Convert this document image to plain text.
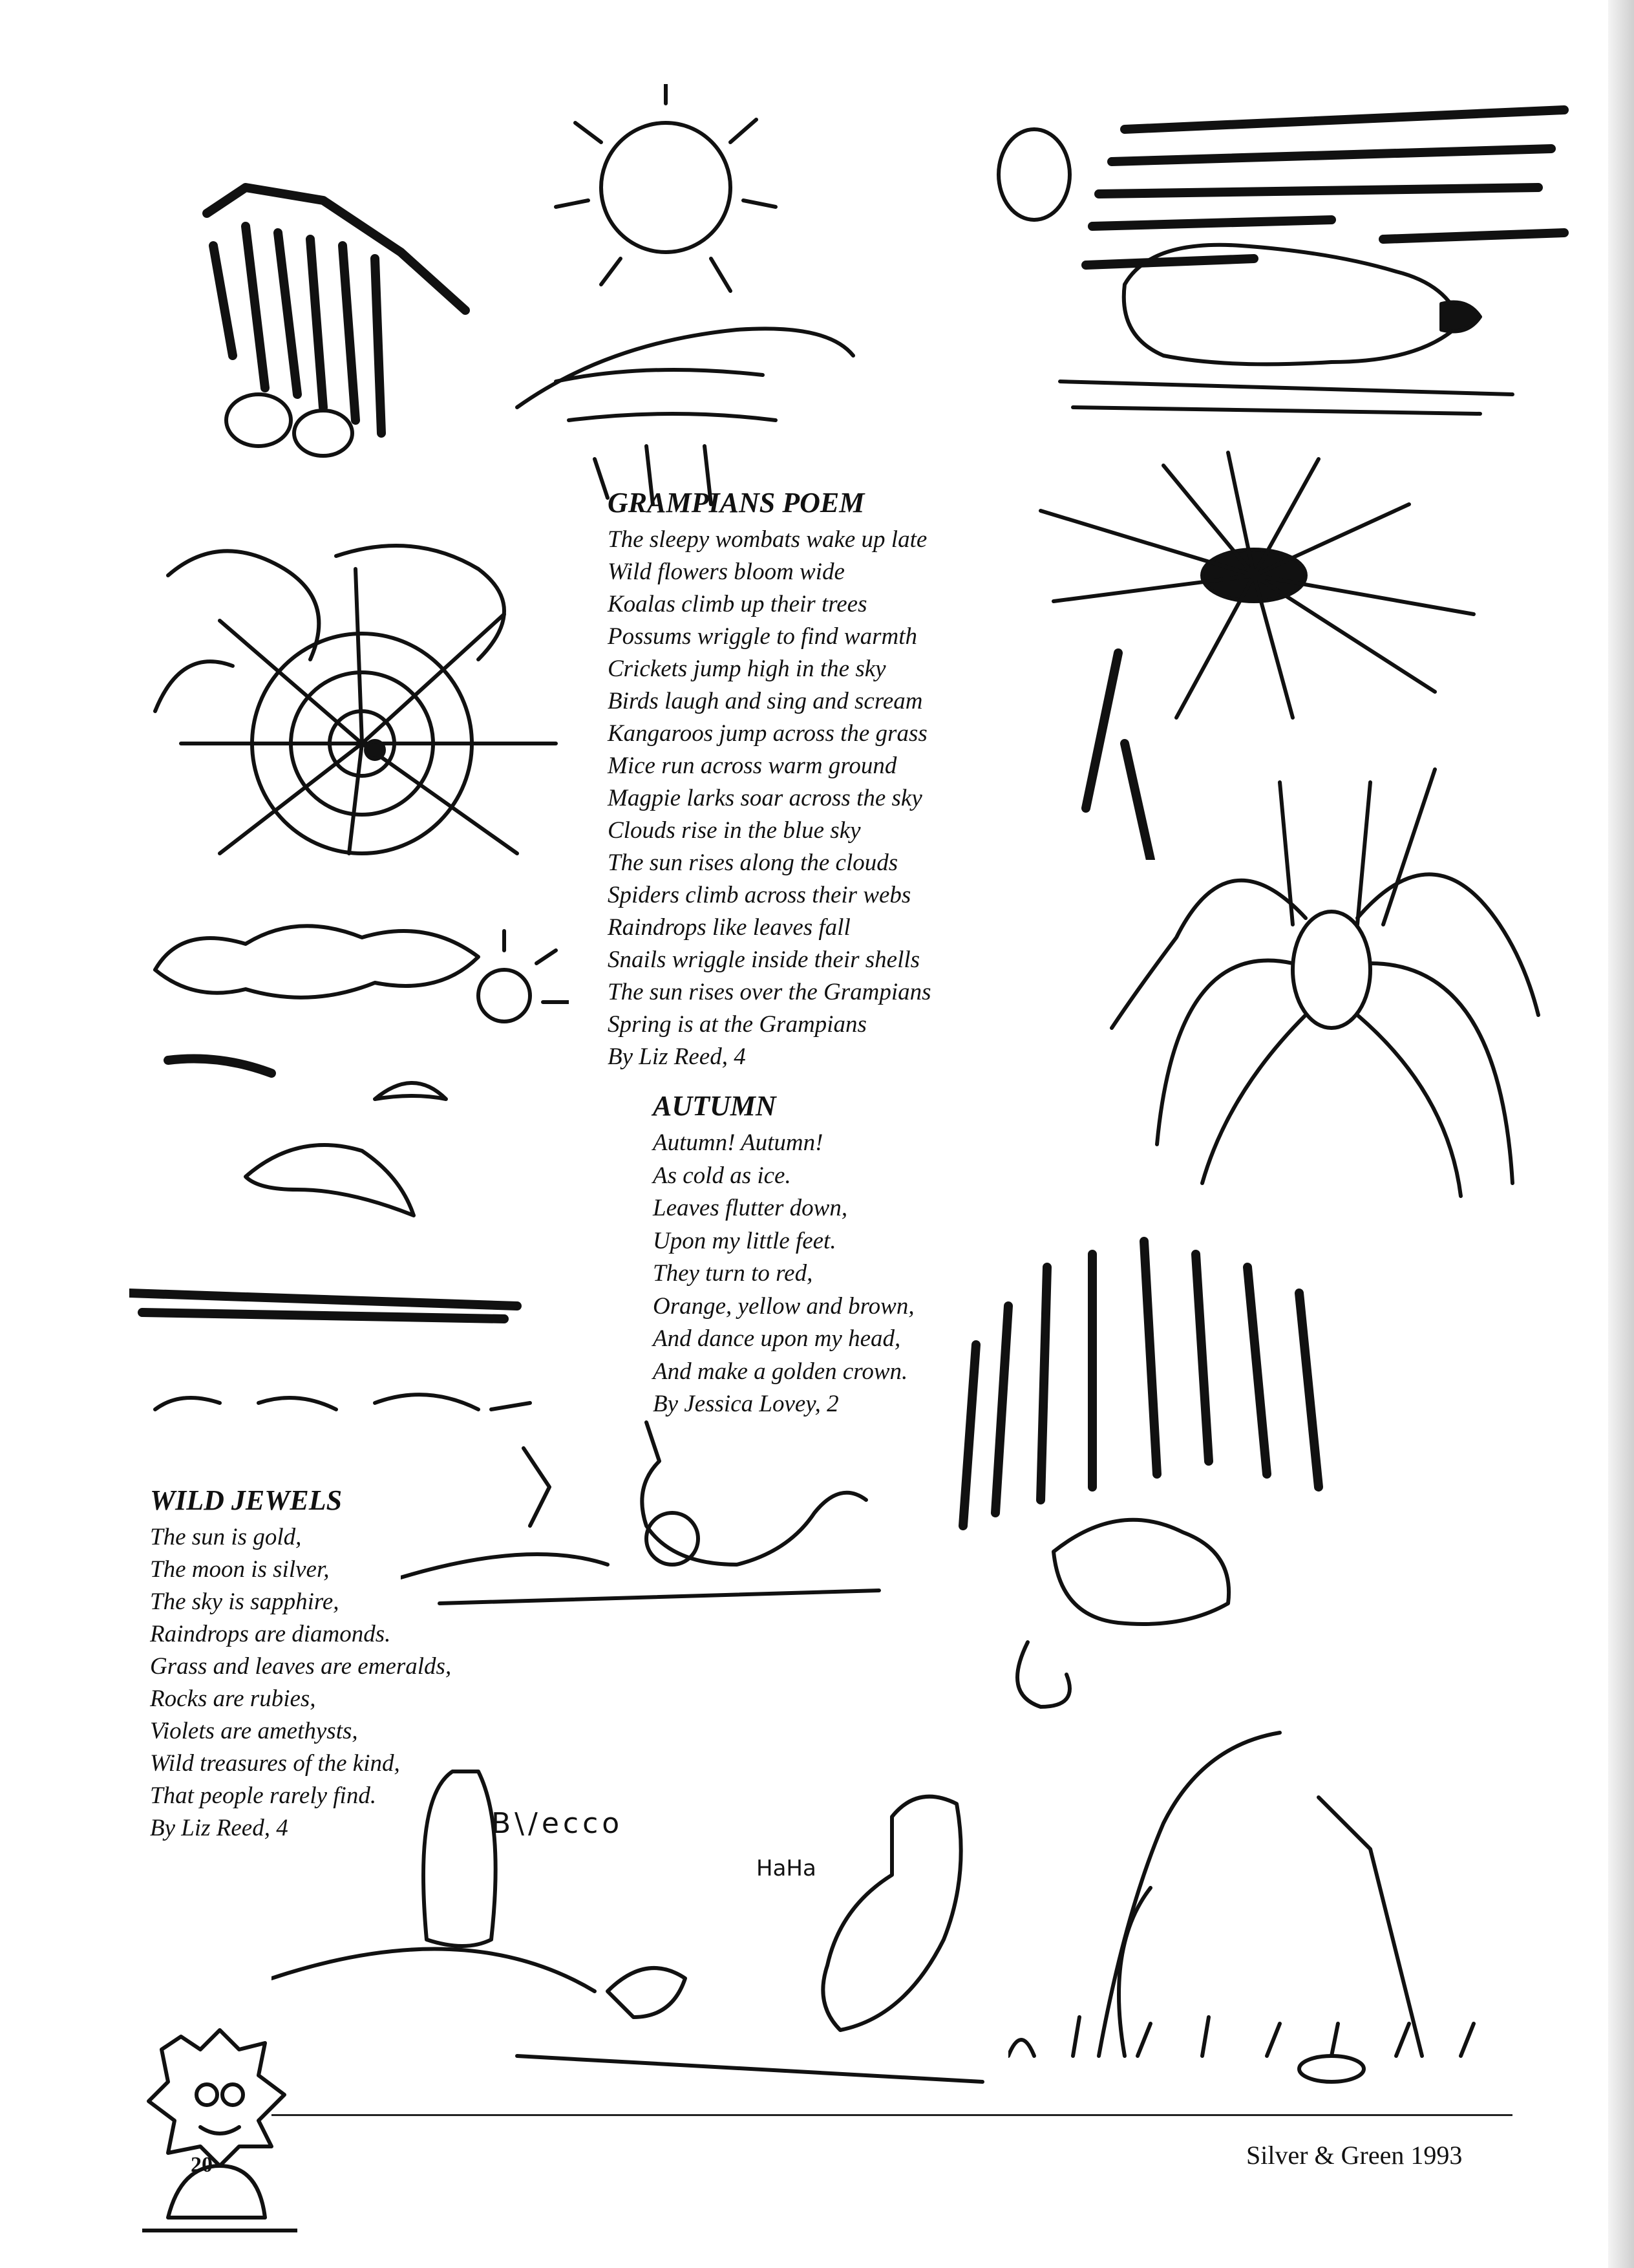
B\/ecco
HaHa
GRAMPIANS POEM
The sleepy wombats wake up late
Wild flowers bloom wide
Koalas climb up their trees
Possums wriggle to find warmth
Crickets jump high in the sky
Birds laugh and sing and scream
Kangaroos jump across the grass
Mice run across warm ground
Magpie larks soar across the sky
Clouds rise in the blue sky
The sun rises along the clouds
Spiders climb across their webs
Raindrops like leaves fall
Snails wriggle inside their shells
The sun rises over the Grampians
Spring is at the Grampians
By Liz Reed, 4
AUTUMN
Autumn! Autumn!
As cold as ice.
Leaves flutter down,
Upon my little feet.
They turn to red,
Orange, yellow and brown,
And dance upon my head,
And make a golden crown.
By Jessica Lovey, 2
WILD JEWELS
The sun is gold,
The moon is silver,
The sky is sapphire,
Raindrops are diamonds.
Grass and leaves are emeralds,
Rocks are rubies,
Violets are amethysts,
Wild treasures of the kind,
That people rarely find.
By Liz Reed, 4
Silver & Green 1993
20
